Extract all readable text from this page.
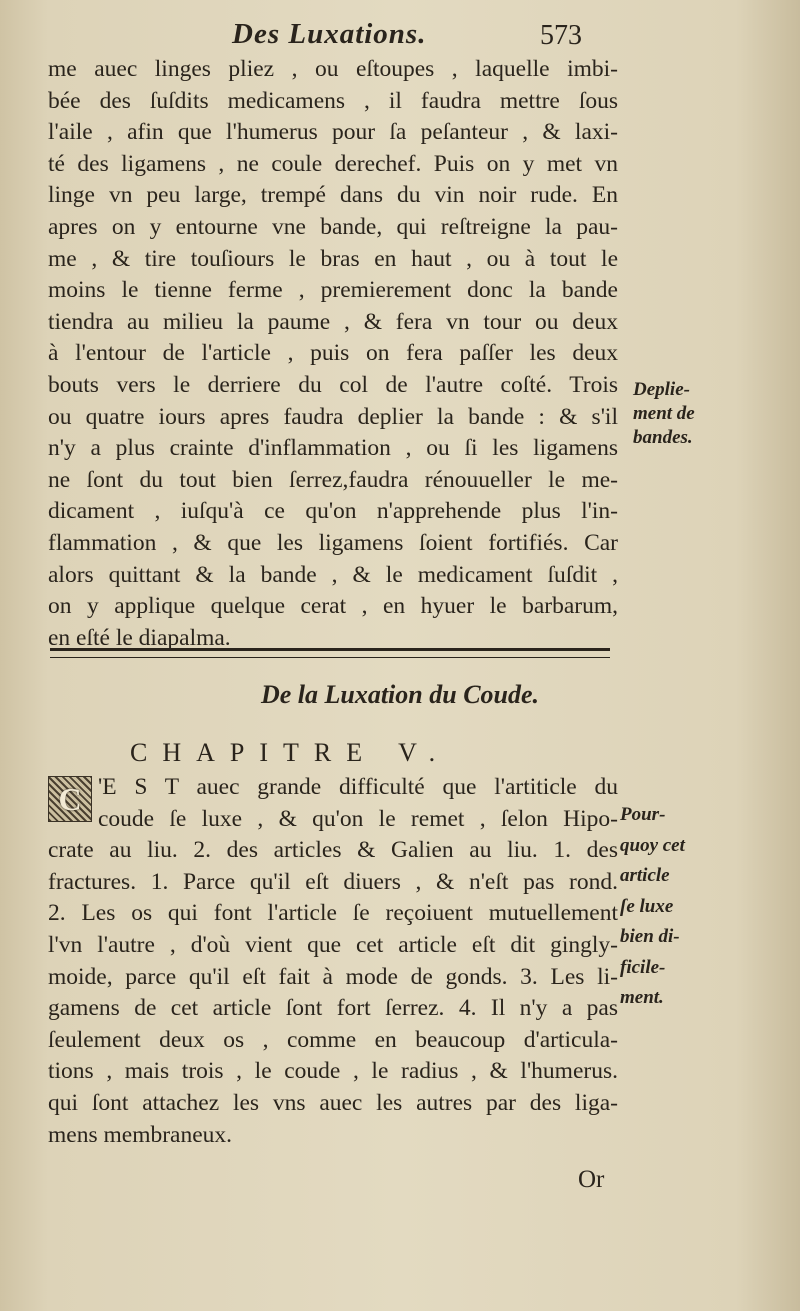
Des Luxations.	573
me auec linges pliez , ou eſtoupes , laquelle imbi-
bée des ſuſdits medicamens , il faudra mettre ſous
l'aile , afin que l'humerus pour ſa peſanteur , & laxi-
té des ligamens , ne coule derechef. Puis on y met vn
linge vn peu large, trempé dans du vin noir rude. En
apres on y entourne vne bande, qui reſtreigne la pau-
me , & tire touſiours le bras en haut , ou à tout le
moins le tienne ferme , premierement donc la bande
tiendra au milieu la paume , & fera vn tour ou deux
à l'entour de l'article , puis on fera paſſer les deux
bouts vers le derriere du col de l'autre coſté. Trois
ou quatre iours apres faudra deplier la bande : & s'il
n'y a plus crainte d'inflammation , ou ſi les ligamens
ne ſont du tout bien ſerrez,faudra rénouueller le me-
dicament , iuſqu'à ce qu'on n'apprehende plus l'in-
flammation , & que les ligamens ſoient fortifiés. Car
alors quittant & la bande , & le medicament ſuſdit ,
on y applique quelque cerat , en hyuer le barbarum,
en eſté le diapalma.
Deplie-
ment de
bandes.
De la Luxation du Coude.
CHAPITRE V.
C 'E S T auec grande difficulté que l'artiticle du
coude ſe luxe , & qu'on le remet , ſelon Hipo-
crate au liu. 2. des articles & Galien au liu. 1. des
fractures. 1. Parce qu'il eſt diuers , & n'eſt pas rond.
2. Les os qui font l'article ſe reçoiuent mutuellement
l'vn l'autre , d'où vient que cet article eſt dit gingly-
moide, parce qu'il eſt fait à mode de gonds. 3. Les li-
gamens de cet article ſont fort ſerrez. 4. Il n'y a pas
ſeulement deux os , comme en beaucoup d'articula-
tions , mais trois , le coude , le radius , & l'humerus.
qui ſont attachez les vns auec les autres par des liga-
mens membraneux.
Pour-
quoy cet
article
ſe luxe
bien di-
ficile-
ment.
Or
